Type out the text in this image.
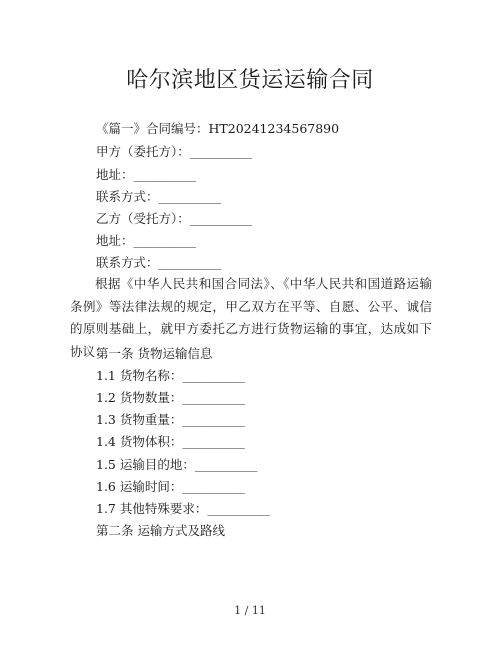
哈尔滨地区货运运输合同
《篇一》合同编号：HT20241234567890
甲方（委托方）：__________
地址：__________
联系方式：__________
乙方（受托方）：__________
地址：__________
联系方式：__________
根据《中华人民共和国合同法》、《中华人民共和国道路运输条例》等法律法规的规定，甲乙双方在平等、自愿、公平、诚信的原则基础上，就甲方委托乙方进行货物运输的事宜，达成如下协议：
第一条 货物运输信息
1.1 货物名称：__________
1.2 货物数量：__________
1.3 货物重量：__________
1.4 货物体积：__________
1.5 运输目的地：__________
1.6 运输时间：__________
1.7 其他特殊要求：__________
第二条 运输方式及路线
1 / 11
